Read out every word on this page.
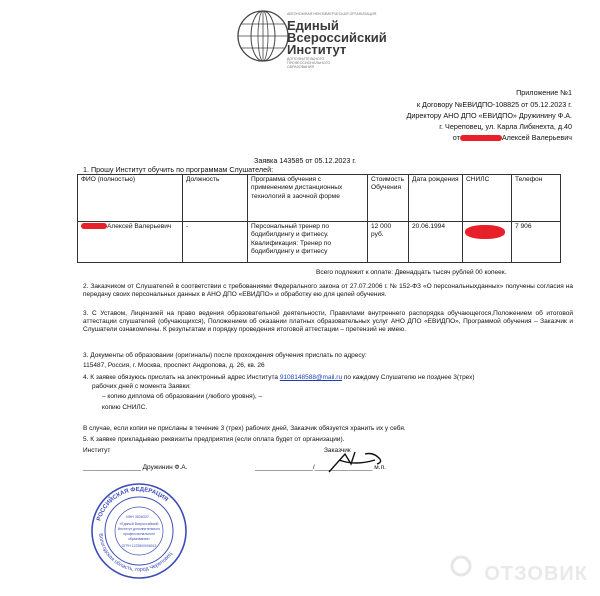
АВТОНОМНАЯ НЕКОММЕРЧЕСКАЯ ОРГАНИЗАЦИЯ
Единый
Всероссийский
Институт
ДОПОЛНИТЕЛЬНОГО
ПРОФЕССИОНАЛЬНОГО
ОБРАЗОВАНИЯ
Приложение №1
к Договору №ЕВИДПО-108825 от 05.12.2023 г.
Директору АНО ДПО «ЕВИДПО» Дружинину Ф.А.
г. Череповец, ул. Карла Либкнехта, д.40
от	Алексей Валерьевич
Заявка 143585 от 05.12.2023 г.
1. Прошу Институт обучить по программам Слушателей:
ФИО (полностью)	Должность	Программа обучения с применением дистанционных технологий в заочной форме	Стоимость Обучения	Дата рождения	СНИЛС	Телефон
Алексей Валерьевич	-	Персональный тренер по бодибилдингу и фитнесу. Квалификация: Тренер по бодибилдингу и фитнесу	12 000 руб.	20.06.1994		7 906
Всего подлежит к оплате: Двенадцать тысяч рублей 00 копеек.
2. Заказчиком от Слушателей в соответствии с требованиями Федерального закона от 27.07.2006 г. № 152-ФЗ «О персональныхданных» получены согласия на передачу своих персональных данных в АНО ДПО «ЕВИДПО» и обработку ею для целей обучения.
3. С Уставом, Лицензией на право ведения образовательной деятельности, Правилами внутреннего распорядка обучающегося,Положением об итоговой аттестации слушателей (обучающихся), Положением об оказании платных образовательных услуг АНО ДПО «ЕВИДПО», Программой обучения – Заказчик и Слушатели ознакомлены. К результатам и порядку проведения итоговой аттестации – претензий не имею.
3. Документы об образовании (оригиналы) после прохождения обучения прислать по адресу:
115487, Россия, г. Москва, проспект Андропова, д. 26, кв. 26
4. К заявке обязуюсь прислать на электронный адрес Института 9108148588@mail.ru по каждому Слушателю не позднее 3(трех)
рабочих дней с момента Заявки:
– копию диплома об образовании (любого уровня), –
копию СНИЛС.
В случае, если копии не присланы в течение 3 (трех) рабочих дней, Заказчик обязуется хранить их у себя.
5. К заявке прикладываю реквизиты предприятия (если оплата будет от организации).
Институт	Заказчик
________________ Дружинин Ф.А.	________________/________________ м.п.
РОССИЙСКАЯ ФЕДЕРАЦИЯ
Вологодская область, город Череповец
ИНН 3528337...
«Единый Всероссийский
Институт дополнительного
профессионального
образования»
ОГРН 1223500006913
ОТЗОВИК
